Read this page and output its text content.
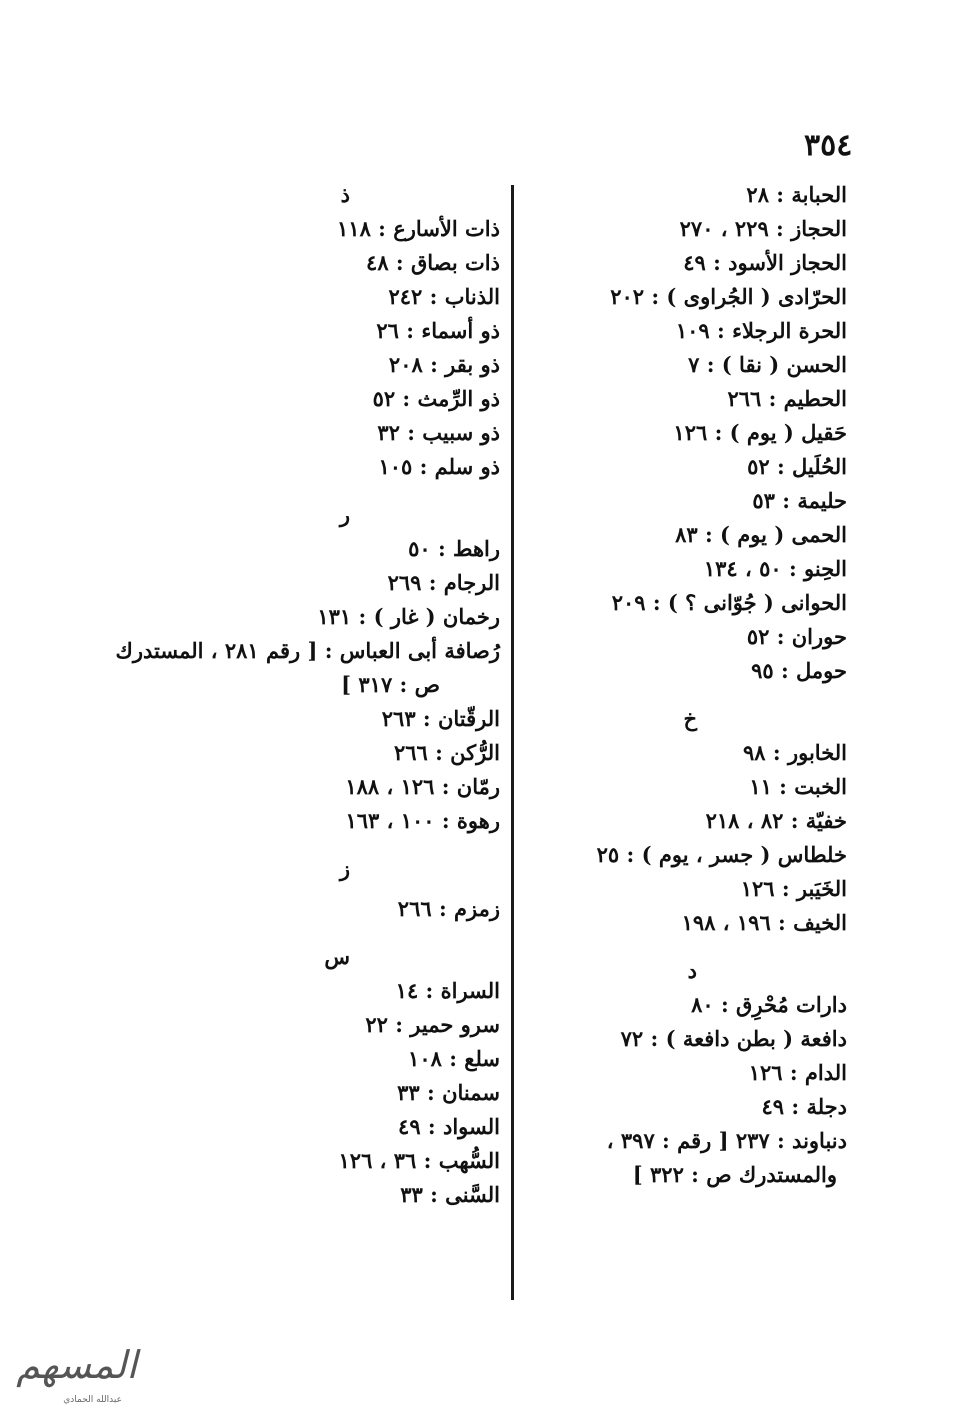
٣٥٤
الحبابة : ٢٨
الحجاز : ٢٢٩ ، ٢٧٠
الحجاز الأسود : ٤٩
الحرّادى ( الجُراوى ) : ٢٠٢
الحرة الرجلاء : ١٠٩
الحسن ( نقا ) : ٧
الحطيم : ٢٦٦
حَقيل ( يوم ) : ١٢٦
الحُلَيل : ٥٢
حليمة : ٥٣
الحمى ( يوم ) : ٨٣
الحِنو : ٥٠ ، ١٣٤
الحوانى ( جُوّانى ؟ ) : ٢٠٩
حوران : ٥٢
حومل : ٩٥
خ
الخابور : ٩٨
الخبت : ١١
خفيّة : ٨٢ ، ٢١٨
خلطاس ( جسر ، يوم ) : ٢٥
الخَيَبر : ١٢٦
الخيف : ١٩٦ ، ١٩٨
د
دارات مُحْرِق : ٨٠
دافعة ( بطن دافعة ) : ٧٢
الدام : ١٢٦
دجلة : ٤٩
دنباوند : ٢٣٧ [ رقم : ٣٩٧ ،
والمستدرك ص : ٣٢٢ ]
ذ
ذات الأسارع : ١١٨
ذات بصاق : ٤٨
الذناب : ٢٤٢
ذو أسماء : ٢٦
ذو بقر : ٢٠٨
ذو الرِّمث : ٥٢
ذو سبيب : ٣٢
ذو سلم : ١٠٥
ر
راهط : ٥٠
الرجام : ٢٦٩
رخمان ( غار ) : ١٣١
رُصافة أبى العباس : [ رقم ٢٨١ ، المستدرك
ص : ٣١٧ ]
الرقّتان : ٢٦٣
الرُّكن : ٢٦٦
رمّان : ١٢٦ ، ١٨٨
رهوة : ١٠٠ ، ١٦٣
ز
زمزم : ٢٦٦
س
السراة : ١٤
سرو حمير : ٢٢
سلع : ١٠٨
سمنان : ٣٣
السواد : ٤٩
السُّهب : ٣٦ ، ١٢٦
السَّنى : ٣٣
المسهم
عبدالله الحمادي
